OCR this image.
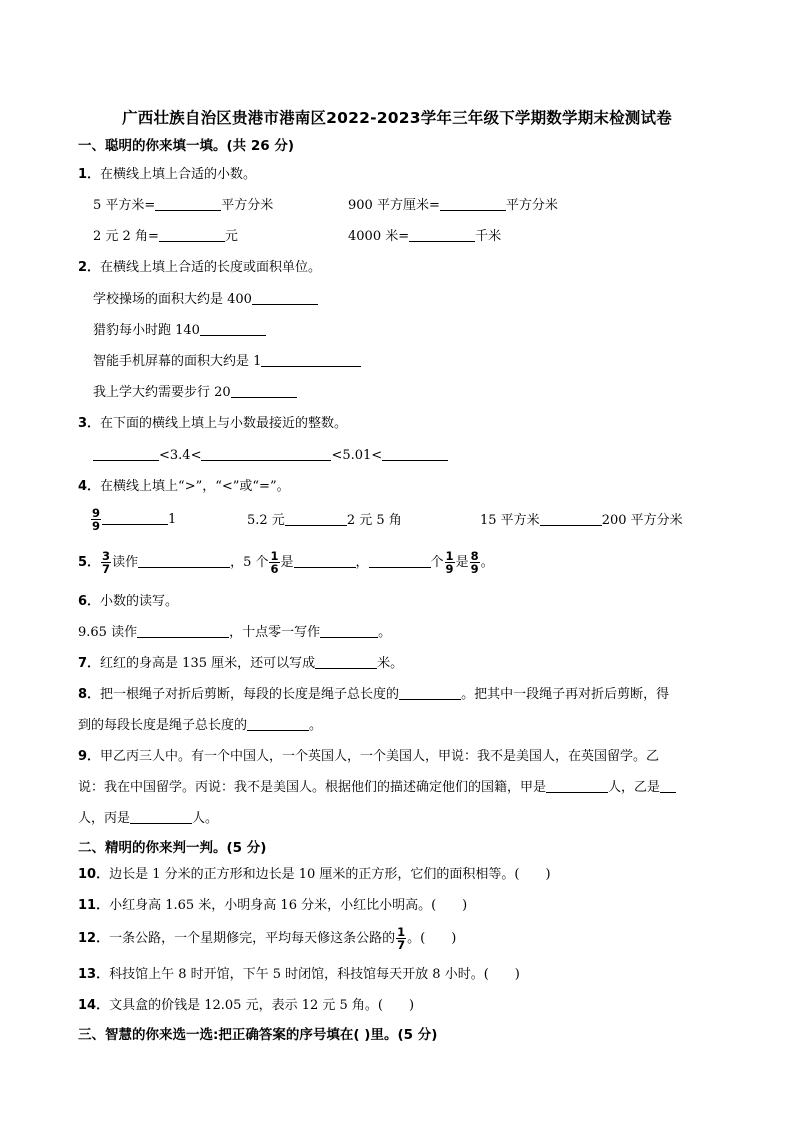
广西壮族自治区贵港市港南区2022-2023学年三年级下学期数学期末检测试卷
一、聪明的你来填一填。(共 26 分)
1．在横线上填上合适的小数。
5 平方米=	平方分米	900 平方厘米=	平方分米
2 元 2 角=	元	4000 米=	千米
2．在横线上填上合适的长度或面积单位。
学校操场的面积大约是 400
猎豹每小时跑 140
智能手机屏幕的面积大约是 1
我上学大约需要步行 20
3．在下面的横线上填上与小数最接近的整数。
<3.4<	<5.01<
4．在横线上填上“>”，“<”或“=”。
$\frac{9}{9}$	1	5.2 元	2 元 5 角	15 平方米	200 平方分米
5． $\frac{3}{7}$ 读作	，5 个 $\frac{1}{6}$ 是	，	个 $\frac{1}{9}$ 是 $\frac{8}{9}$ 。
6．小数的读写。
9.65 读作	，十点零一写作	。
7．红红的身高是 135 厘米，还可以写成	米。
8．把一根绳子对折后剪断，每段的长度是绳子总长度的	。把其中一段绳子再对折后剪断，得
到的每段长度是绳子总长度的	。
9．甲乙丙三人中。有一个中国人，一个英国人，一个美国人，甲说：我不是美国人，在英国留学。乙
说：我在中国留学。丙说：我不是美国人。根据他们的描述确定他们的国籍，甲是	人，乙是
人，丙是	人。
二、精明的你来判一判。(5 分)
10．边长是 1 分米的正方形和边长是 10 厘米的正方形，它们的面积相等。(　　)
11．小红身高 1.65 米，小明身高 16 分米，小红比小明高。(　　)
12．一条公路，一个星期修完，平均每天修这条公路的 $\frac{1}{7}$ 。(　　)
13．科技馆上午 8 时开馆，下午 5 时闭馆，科技馆每天开放 8 小时。(　　)
14．文具盒的价钱是 12.05 元，表示 12 元 5 角。(　　)
三、智慧的你来选一选:把正确答案的序号填在( )里。(5 分)
